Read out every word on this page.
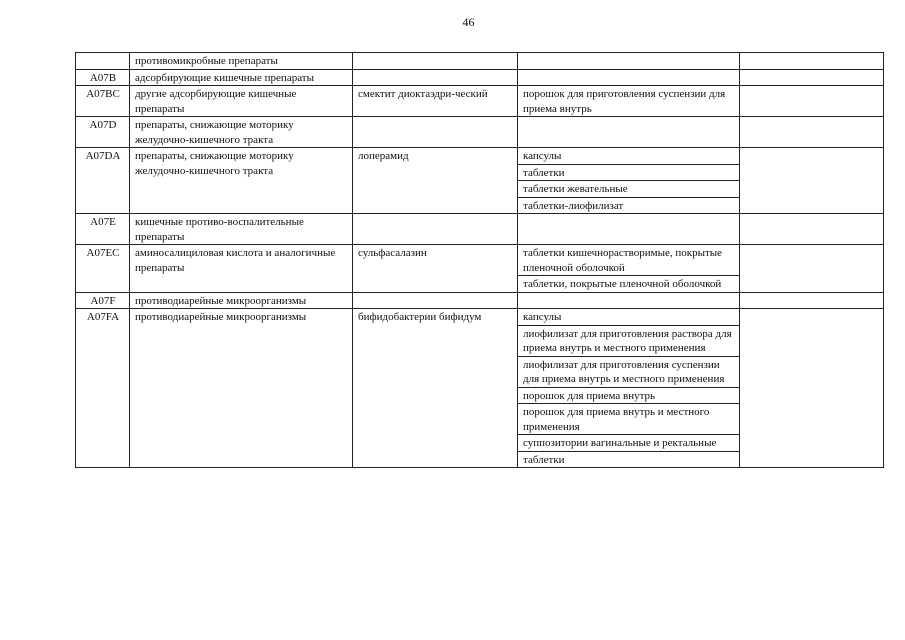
46
	противомикробные препараты			
A07B	адсорбирующие кишечные препараты			
A07BC	другие адсорбирующие кишечные препараты	смектит диоктаэдри-ческий	порошок для приготовления суспензии для приема внутрь	
A07D	препараты, снижающие моторику желудочно-кишечного тракта			
A07DA	препараты, снижающие моторику желудочно-кишечного тракта	лоперамид	капсулы	
			таблетки	
			таблетки жевательные	
			таблетки-лиофилизат	
A07E	кишечные противо-воспалительные препараты			
A07EC	аминосалициловая кислота и аналогичные препараты	сульфасалазин	таблетки кишечнорастворимые, покрытые пленочной оболочкой	
			таблетки, покрытые пленочной оболочкой	
A07F	противодиарейные микроорганизмы			
A07FA	противодиарейные микроорганизмы	бифидобактерии бифидум	капсулы	
			лиофилизат для приготовления раствора для приема внутрь и местного применения	
			лиофилизат для приготовления суспензии для приема внутрь и местного применения	
			порошок для приема внутрь	
			порошок для приема внутрь и местного применения	
			суппозитории вагинальные и ректальные	
			таблетки	
